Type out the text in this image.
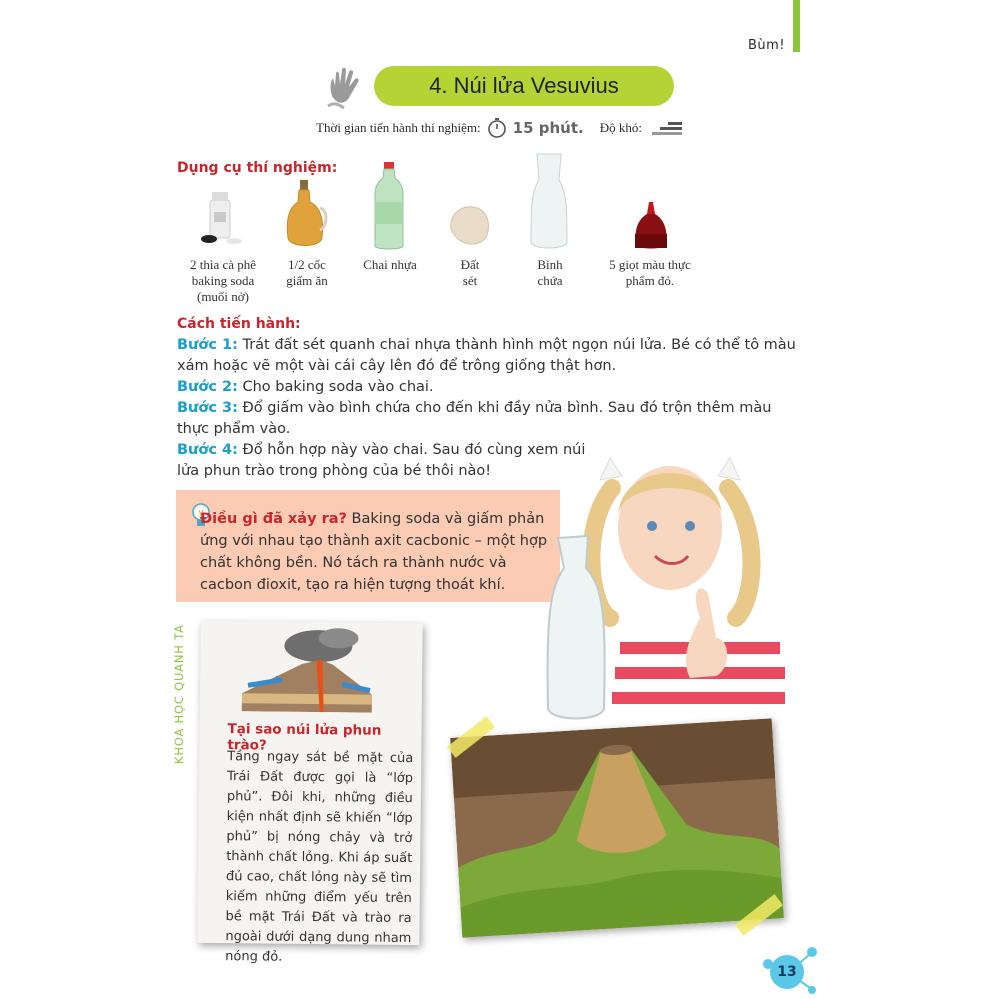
Bùm!
4. Núi lửa Vesuvius
Thời gian tiến hành thí nghiệm: 15 phút. Độ khó:
Dụng cụ thí nghiệm:
2 thìa cà phê baking soda (muối nở)
1/2 cốc giấm ăn
Chai nhựa	Đất sét
Bình chứa
5 giọt màu thực phẩm đỏ.
Cách tiến hành:
Bước 1: Trát đất sét quanh chai nhựa thành hình một ngọn núi lửa. Bé có thể tô màu xám hoặc vẽ một vài cái cây lên đó để trông giống thật hơn.
Bước 2: Cho baking soda vào chai.
Bước 3: Đổ giấm vào bình chứa cho đến khi đầy nửa bình. Sau đó trộn thêm màu thực phẩm vào.
Bước 4: Đổ hỗn hợp này vào chai. Sau đó cùng xem núi lửa phun trào trong phòng của bé thôi nào!
Điều gì đã xảy ra? Baking soda và giấm phản ứng với nhau tạo thành axit cacbonic – một hợp chất không bền. Nó tách ra thành nước và cacbon đioxit, tạo ra hiện tượng thoát khí.
KHOA HỌC QUANH TA	Tại sao núi lửa phun trào?
Tầng ngay sát bề mặt của Trái Đất được gọi là “lớp phủ”. Đôi khi, những điều kiện nhất định sẽ khiến “lớp phủ” bị nóng chảy và trở thành chất lỏng. Khi áp suất đủ cao, chất lỏng này sẽ tìm kiếm những điểm yếu trên bề mặt Trái Đất và trào ra ngoài dưới dạng dung nham nóng đỏ.
13
